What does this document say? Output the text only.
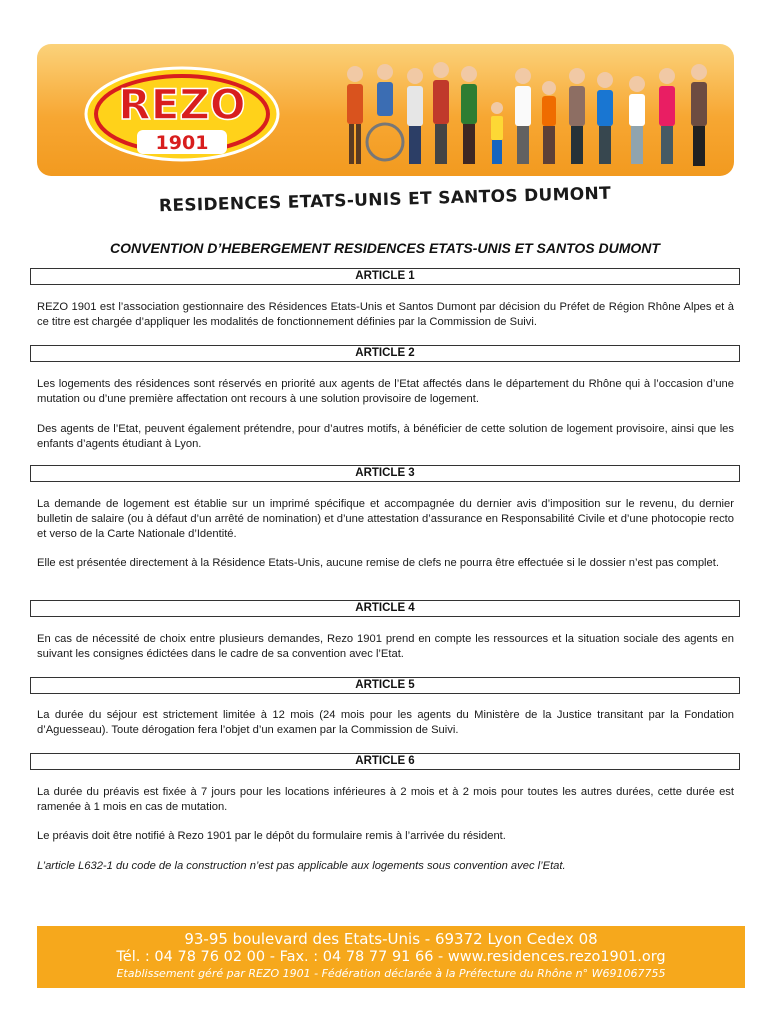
REZO
1901
RESIDENCES ETATS-UNIS ET SANTOS DUMONT
CONVENTION D’HEBERGEMENT RESIDENCES ETATS-UNIS ET SANTOS DUMONT
ARTICLE 1

REZO 1901 est l’association gestionnaire des Résidences Etats-Unis et Santos Dumont par décision du Préfet de Région Rhône Alpes et à ce titre est chargée d’appliquer les modalités de fonctionnement définies par la Commission de Suivi.

ARTICLE 2

Les logements des résidences sont réservés en priorité aux agents de l’Etat affectés dans le département du Rhône qui à l’occasion d’une mutation ou d’une première affectation ont recours à une solution provisoire de logement.

Des agents de l’Etat, peuvent également prétendre, pour d’autres motifs, à bénéficier de cette solution de logement provisoire, ainsi que les enfants d’agents étudiant à Lyon.

ARTICLE 3

La demande de logement est établie sur un imprimé spécifique et accompagnée du dernier avis d’imposition sur le revenu, du dernier bulletin de salaire (ou à défaut d’un arrêté de nomination) et d’une attestation d’assurance en Responsabilité Civile et d’une photocopie recto et verso de la Carte Nationale d’Identité.

Elle est présentée directement à la Résidence Etats-Unis, aucune remise de clefs ne pourra être effectuée si le dossier n’est pas complet.

ARTICLE 4

En cas de nécessité de choix entre plusieurs demandes, Rezo 1901 prend en compte les ressources et la situation sociale des agents en suivant les consignes édictées dans le cadre de sa convention avec l’Etat.

ARTICLE 5

La durée du séjour est strictement limitée à 12 mois (24 mois pour les agents du Ministère de la Justice transitant par la Fondation d’Aguesseau). Toute dérogation fera l’objet d’un examen par la Commission de Suivi.

ARTICLE 6

La durée du préavis est fixée à 7 jours pour les locations inférieures à 2 mois et à 2 mois pour toutes les autres durées, cette durée est ramenée à 1 mois en cas de mutation.

Le préavis doit être notifié à Rezo 1901 par le dépôt du formulaire remis à l’arrivée du résident.

L’article L632-1 du code de la construction n’est pas applicable aux logements sous convention avec l’Etat.

93-95 boulevard des Etats-Unis - 69372 Lyon Cedex 08
Tél. : 04 78 76 02 00 - Fax. : 04 78 77 91 66 - www.residences.rezo1901.org
Etablissement géré par REZO 1901 - Fédération déclarée à la Préfecture du Rhône n° W691067755
